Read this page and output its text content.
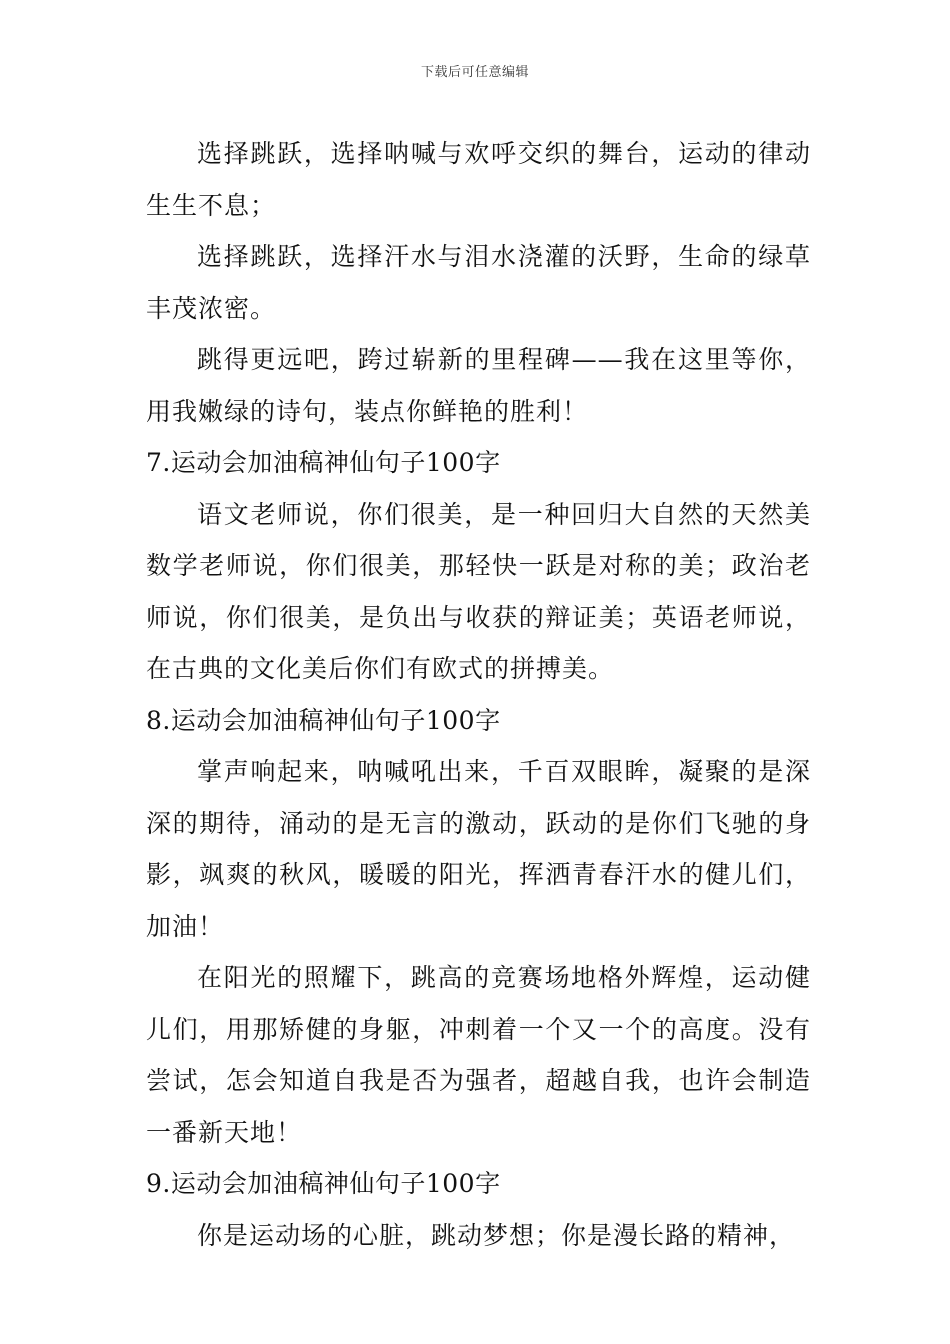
下载后可任意编辑

选择跳跃，选择呐喊与欢呼交织的舞台，运动的律动生生不息；

选择跳跃，选择汗水与泪水浇灌的沃野，生命的绿草丰茂浓密。

跳得更远吧，跨过崭新的里程碑——我在这里等你，用我嫩绿的诗句，装点你鲜艳的胜利！

7.运动会加油稿神仙句子100字

语文老师说，你们很美，是一种回归大自然的天然美数学老师说，你们很美，那轻快一跃是对称的美；政治老师说，你们很美，是负出与收获的辩证美；英语老师说，在古典的文化美后你们有欧式的拼搏美。

8.运动会加油稿神仙句子100字

掌声响起来，呐喊吼出来，千百双眼眸，凝聚的是深深的期待，涌动的是无言的激动，跃动的是你们飞驰的身影，飒爽的秋风，暖暖的阳光，挥洒青春汗水的健儿们，加油！

在阳光的照耀下，跳高的竞赛场地格外辉煌，运动健儿们，用那矫健的身躯，冲刺着一个又一个的高度。没有尝试，怎会知道自我是否为强者，超越自我，也许会制造一番新天地！

9.运动会加油稿神仙句子100字

你是运动场的心脏，跳动梦想；你是漫长路的精神，
